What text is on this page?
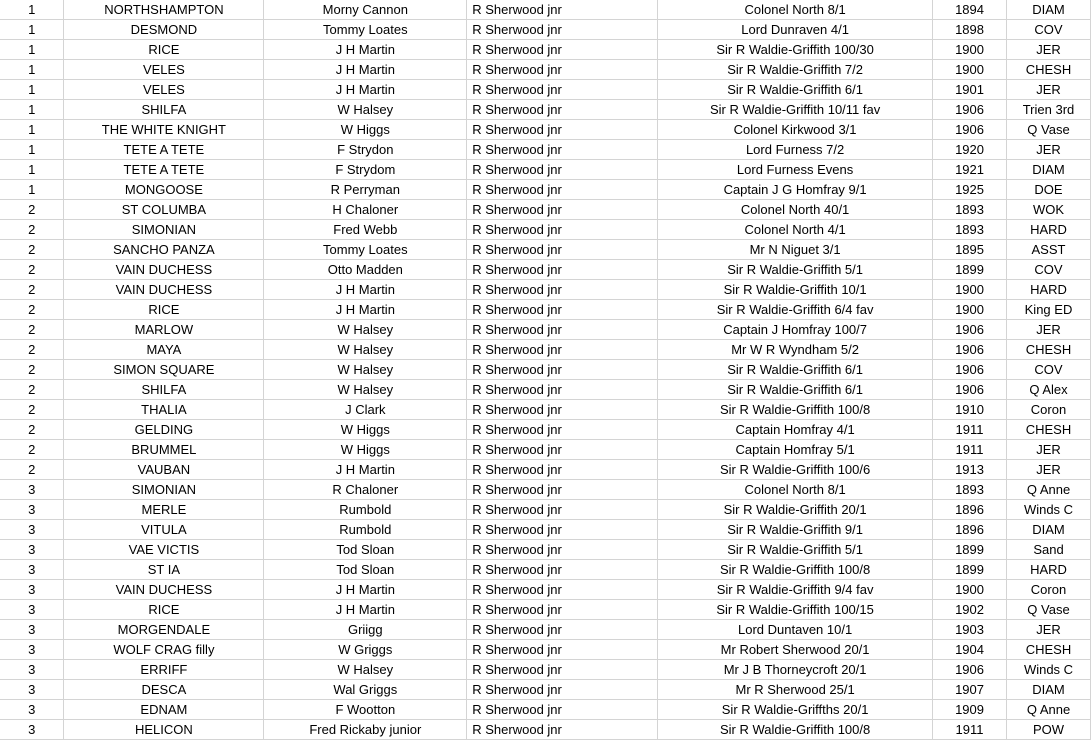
1	NORTHSHAMPTON	Morny Cannon	R Sherwood jnr	Colonel North 8/1	1894	DIAM
1	DESMOND	Tommy Loates	R Sherwood jnr	Lord Dunraven 4/1	1898	COV
1	RICE	J H Martin	R Sherwood jnr	Sir R Waldie-Griffith 100/30	1900	JER
1	VELES	J H Martin	R Sherwood jnr	Sir R Waldie-Griffith 7/2	1900	CHESH
1	VELES	J H Martin	R Sherwood jnr	Sir R Waldie-Griffith 6/1	1901	JER
1	SHILFA	W Halsey	R Sherwood jnr	Sir R Waldie-Griffith 10/11 fav	1906	Trien 3rd
1	THE WHITE KNIGHT	W Higgs	R Sherwood jnr	Colonel Kirkwood 3/1	1906	Q Vase
1	TETE A TETE	F Strydon	R Sherwood jnr	Lord Furness 7/2	1920	JER
1	TETE A TETE	F Strydom	R Sherwood jnr	Lord Furness Evens	1921	DIAM
1	MONGOOSE	R Perryman	R Sherwood jnr	Captain J G Homfray 9/1	1925	DOE
2	ST COLUMBA	H Chaloner	R Sherwood jnr	Colonel North 40/1	1893	WOK
2	SIMONIAN	Fred Webb	R Sherwood jnr	Colonel North 4/1	1893	HARD
2	SANCHO PANZA	Tommy Loates	R Sherwood jnr	Mr N Niguet 3/1	1895	ASST
2	VAIN DUCHESS	Otto Madden	R Sherwood jnr	Sir R Waldie-Griffith 5/1	1899	COV
2	VAIN DUCHESS	J H Martin	R Sherwood jnr	Sir R Waldie-Griffith 10/1	1900	HARD
2	RICE	J H Martin	R Sherwood jnr	Sir R Waldie-Griffith 6/4 fav	1900	King ED
2	MARLOW	W Halsey	R Sherwood jnr	Captain J Homfray 100/7	1906	JER
2	MAYA	W Halsey	R Sherwood jnr	Mr W R Wyndham 5/2	1906	CHESH
2	SIMON SQUARE	W Halsey	R Sherwood jnr	Sir R Waldie-Griffith 6/1	1906	COV
2	SHILFA	W Halsey	R Sherwood jnr	Sir R Waldie-Griffith 6/1	1906	Q Alex
2	THALIA	J Clark	R Sherwood jnr	Sir R Waldie-Griffith 100/8	1910	Coron
2	GELDING	W Higgs	R Sherwood jnr	Captain Homfray 4/1	1911	CHESH
2	BRUMMEL	W Higgs	R Sherwood jnr	Captain Homfray 5/1	1911	JER
2	VAUBAN	J H Martin	R Sherwood jnr	Sir R Waldie-Griffith 100/6	1913	JER
3	SIMONIAN	R Chaloner	R Sherwood jnr	Colonel North 8/1	1893	Q Anne
3	MERLE	Rumbold	R Sherwood jnr	Sir R Waldie-Griffith 20/1	1896	Winds C
3	VITULA	Rumbold	R Sherwood jnr	Sir R Waldie-Griffith 9/1	1896	DIAM
3	VAE VICTIS	Tod Sloan	R Sherwood jnr	Sir R Waldie-Griffith 5/1	1899	Sand
3	ST IA	Tod Sloan	R Sherwood jnr	Sir R Waldie-Griffith 100/8	1899	HARD
3	VAIN DUCHESS	J H Martin	R Sherwood jnr	Sir R Waldie-Griffith 9/4 fav	1900	Coron
3	RICE	J H Martin	R Sherwood jnr	Sir R Waldie-Griffith 100/15	1902	Q Vase
3	MORGENDALE	Griigg	R Sherwood jnr	Lord Duntaven 10/1	1903	JER
3	WOLF CRAG filly	W Griggs	R Sherwood jnr	Mr Robert Sherwood 20/1	1904	CHESH
3	ERRIFF	W Halsey	R Sherwood jnr	Mr J B Thorneycroft 20/1	1906	Winds C
3	DESCA	Wal Griggs	R Sherwood jnr	Mr R Sherwood 25/1	1907	DIAM
3	EDNAM	F Wootton	R Sherwood jnr	Sir R Waldie-Griffths 20/1	1909	Q Anne
3	HELICON	Fred Rickaby junior	R Sherwood jnr	Sir R Waldie-Griffith 100/8	1911	POW
